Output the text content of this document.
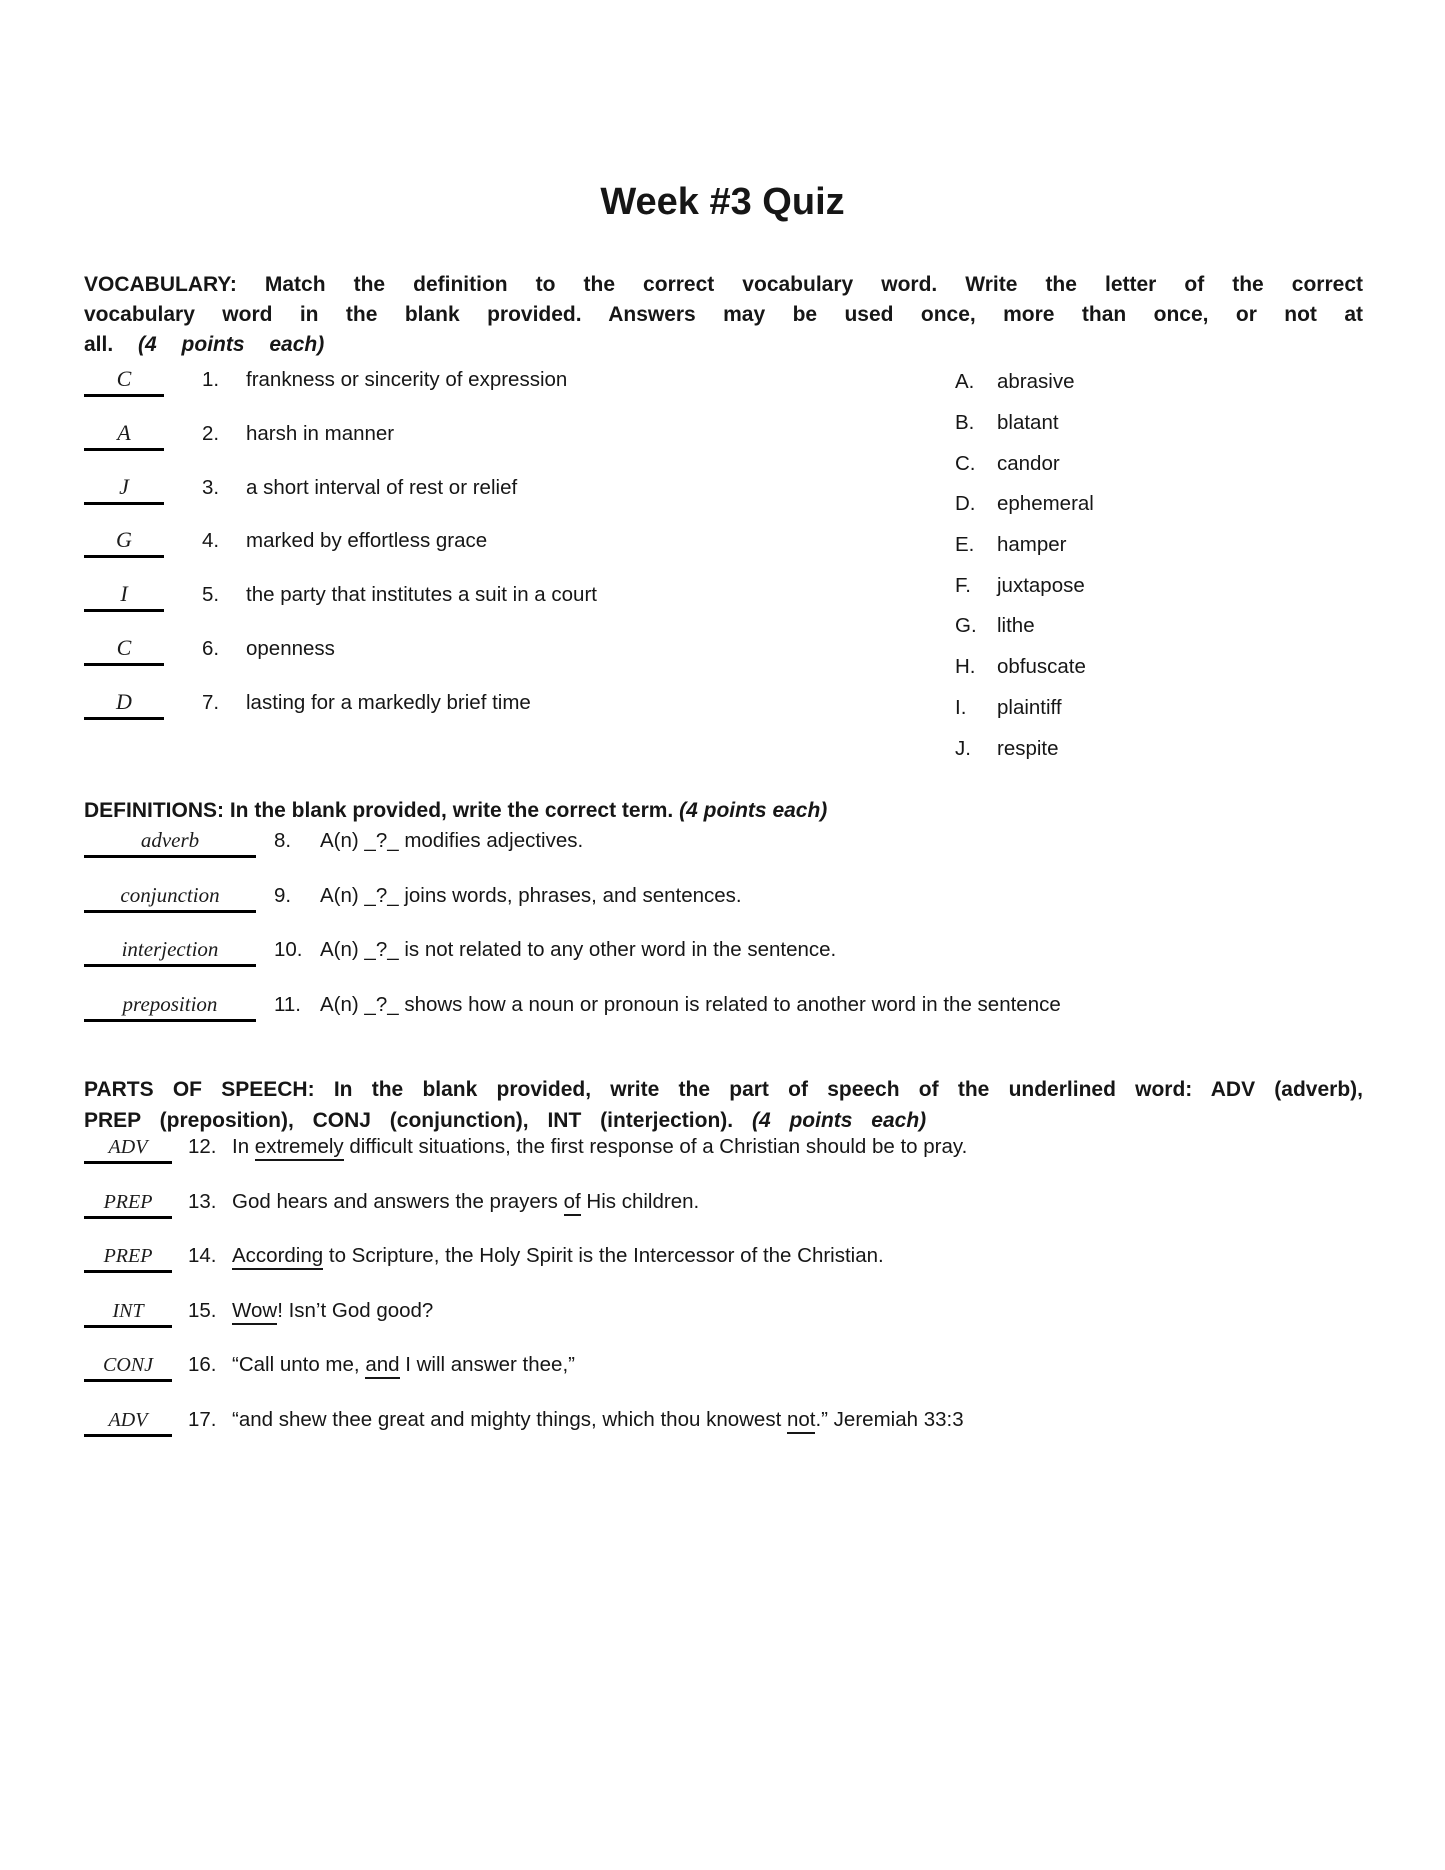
Week #3 Quiz

VOCABULARY: Match the definition to the correct vocabulary word. Write the letter of the correct vocabulary word in the blank provided. Answers may be used once, more than once, or not at all. (4 points each)

C	1.	frankness or sincerity of expression
A	2.	harsh in manner
J	3.	a short interval of rest or relief
G	4.	marked by effortless grace
I	5.	the party that institutes a suit in a court
C	6.	openness
D	7.	lasting for a markedly brief time
A.	abrasive
B.	blatant
C.	candor
D.	ephemeral
E.	hamper
F.	juxtapose
G. lithe
H.	obfuscate
I.	plaintiff
J.	respite

DEFINITIONS: In the blank provided, write the correct term. (4 points each)

adverb	8.	A(n) _?_ modifies adjectives.
conjunction	9.	A(n) _?_ joins words, phrases, and sentences.
interjection	10. A(n) _?_ is not related to any other word in the sentence.
preposition	11. A(n) _?_ shows how a noun or pronoun is related to another word in the sentence

PARTS OF SPEECH: In the blank provided, write the part of speech of the underlined word: ADV (adverb), PREP (preposition), CONJ (conjunction), INT (interjection). (4 points each)

ADV	12. In extremely difficult situations, the first response of a Christian should be to pray.
PREP	13. God hears and answers the prayers of His children.
PREP	14. According to Scripture, the Holy Spirit is the Intercessor of the Christian.
INT	15. Wow! Isn’t God good?
CONJ	16. “Call unto me, and I will answer thee,”
ADV	17. “and shew thee great and mighty things, which thou knowest not.” Jeremiah 33:3
